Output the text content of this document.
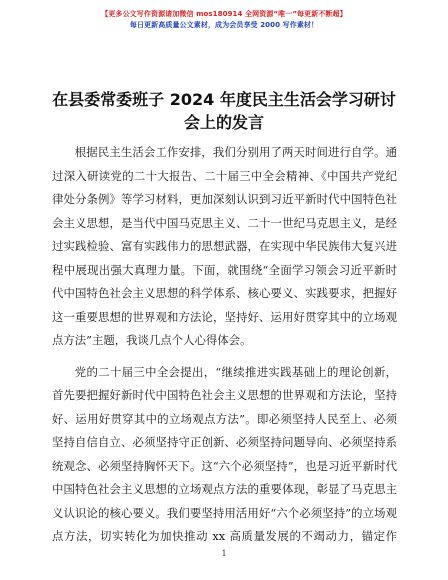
【更多公文写作资源请加微信 mos180914 全网资源“唯一”每更新不断超】
每日更新高质量公文素材，成为会员享受 2000 写作素材！
在县委常委班子 2024 年度民主生活会学习研讨
会上的发言

根据民主生活会工作安排，我们分别用了两天时间进行自学。通过深入研读党的二十大报告、二十届三中全会精神、《中国共产党纪律处分条例》等学习材料，更加深刻认识到习近平新时代中国特色社会主义思想，是当代中国马克思主义、二十一世纪马克思主义，是经过实践检验、富有实践伟力的思想武器，在实现中华民族伟大复兴进程中展现出强大真理力量。下面，就围绕“全面学习领会习近平新时代中国特色社会主义思想的科学体系、核心要义、实践要求，把握好这一重要思想的世界观和方法论，坚持好、运用好贯穿其中的立场观点方法”主题，我谈几点个人心得体会。

党的二十届三中全会提出，“继续推进实践基础上的理论创新，首先要把握好新时代中国特色社会主义思想的世界观和方法论，坚持好、运用好贯穿其中的立场观点方法”。即必须坚持人民至上、必须坚持自信自立、必须坚持守正创新、必须坚持问题导向、必须坚持系统观念、必须坚持胸怀天下。这“六个必须坚持”，也是习近平新时代中国特色社会主义思想的立场观点方法的重要体现，彰显了马克思主义认识论的核心要义。我们要坚持用活用好“六个必须坚持”的立场观点方法，切实转化为加快推动 xx 高质量发展的不竭动力，锚定作

1
